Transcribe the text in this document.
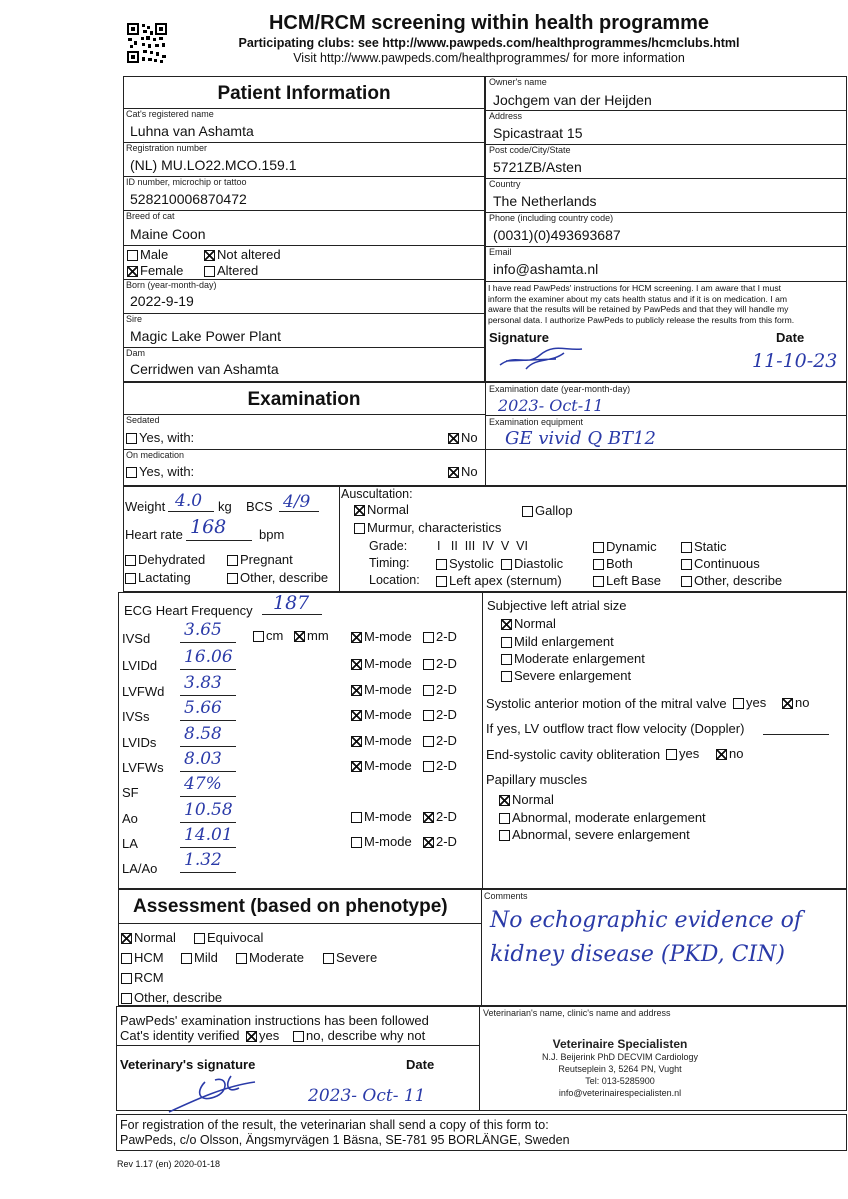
HCM/RCM screening within health programme
Participating clubs: see http://www.pawpeds.com/healthprogrammes/hcmclubs.html
Visit http://www.pawpeds.com/healthprogrammes/ for more information
Patient Information
Cat's registered name
Luhna van Ashamta
Registration number
(NL) MU.LO22.MCO.159.1
ID number, microchip or tattoo
528210006870472
Breed of cat
Maine Coon
Male	Not altered
Female	Altered
Born (year-month-day)
2022-9-19
Sire
Magic Lake Power Plant
Dam
Cerridwen van Ashamta
Owner's name
Jochgem van der Heijden
Address
Spicastraat 15
Post code/City/State
5721ZB/Asten
Country
The Netherlands
Phone (including country code)
(0031)(0)493693687
Email
info@ashamta.nl
I have read PawPeds' instructions for HCM screening. I am aware that I must
inform the examiner about my cats health status and if it is on medication. I am
aware that the results will be retained by PawPeds and that they will handle my
personal data. I authorize PawPeds to publicly release the results from this form.
Signature	Date
11-10-23
Examination
Sedated
Yes, with:	No
On medication
Yes, with:	No
Examination date (year-month-day)
2023- Oct-11
Examination equipment
GE vivid Q BT12
Weight 4.0 kg BCS 4/9
Heart rate 168	bpm
Dehydrated	Pregnant
Lactating	Other, describe
Auscultation:
Normal	Gallop
Murmur, characteristics
Grade: I   II  III  IV  V  VI	Dynamic	Static
Timing:	Systolic	Diastolic	Both	Continuous
Location:	Left apex (sternum)	Left Base	Other, describe
ECG Heart Frequency 187
cm	mm
IVSd 3.65	M-mode	2-D
LVIDd 16.06	M-mode	2-D
LVFWd 3.83	M-mode	2-D
IVSs 5.66	M-mode	2-D
LVIDs 8.58	M-mode	2-D
LVFWs 8.03	M-mode	2-D
SF	47%
Ao	10.58	M-mode	2-D
LA	14.01	M-mode	2-D
LA/Ao 1.32
Subjective left atrial size
Normal
Mild enlargement
Moderate enlargement
Severe enlargement
Systolic anterior motion of the mitral valve	yes	no
If yes, LV outflow tract flow velocity (Doppler)
End-systolic cavity obliteration	yes	no
Papillary muscles
Normal
Abnormal, moderate enlargement
Abnormal, severe enlargement
Assessment (based on phenotype)
Normal	Equivocal
HCM	Mild	Moderate	Severe
RCM
Other, describe
Comments
No echographic evidence of
kidney disease (PKD, CIN)
PawPeds' examination instructions has been followed
Cat's identity verified	yes	no, describe why not
Veterinary's signature	Date
2023- Oct- 11
Veterinarian's name, clinic's name and address
Veterinaire Specialisten
N.J. Beijerink PhD DECVIM Cardiology
Reutseplein 3, 5264 PN, Vught
Tel: 013-5285900
info@veterinairespecialisten.nl
For registration of the result, the veterinarian shall send a copy of this form to:
PawPeds, c/o Olsson, Ängsmyrvägen 1 Bäsna, SE-781 95 BORLÄNGE, Sweden
Rev 1.17 (en) 2020-01-18
